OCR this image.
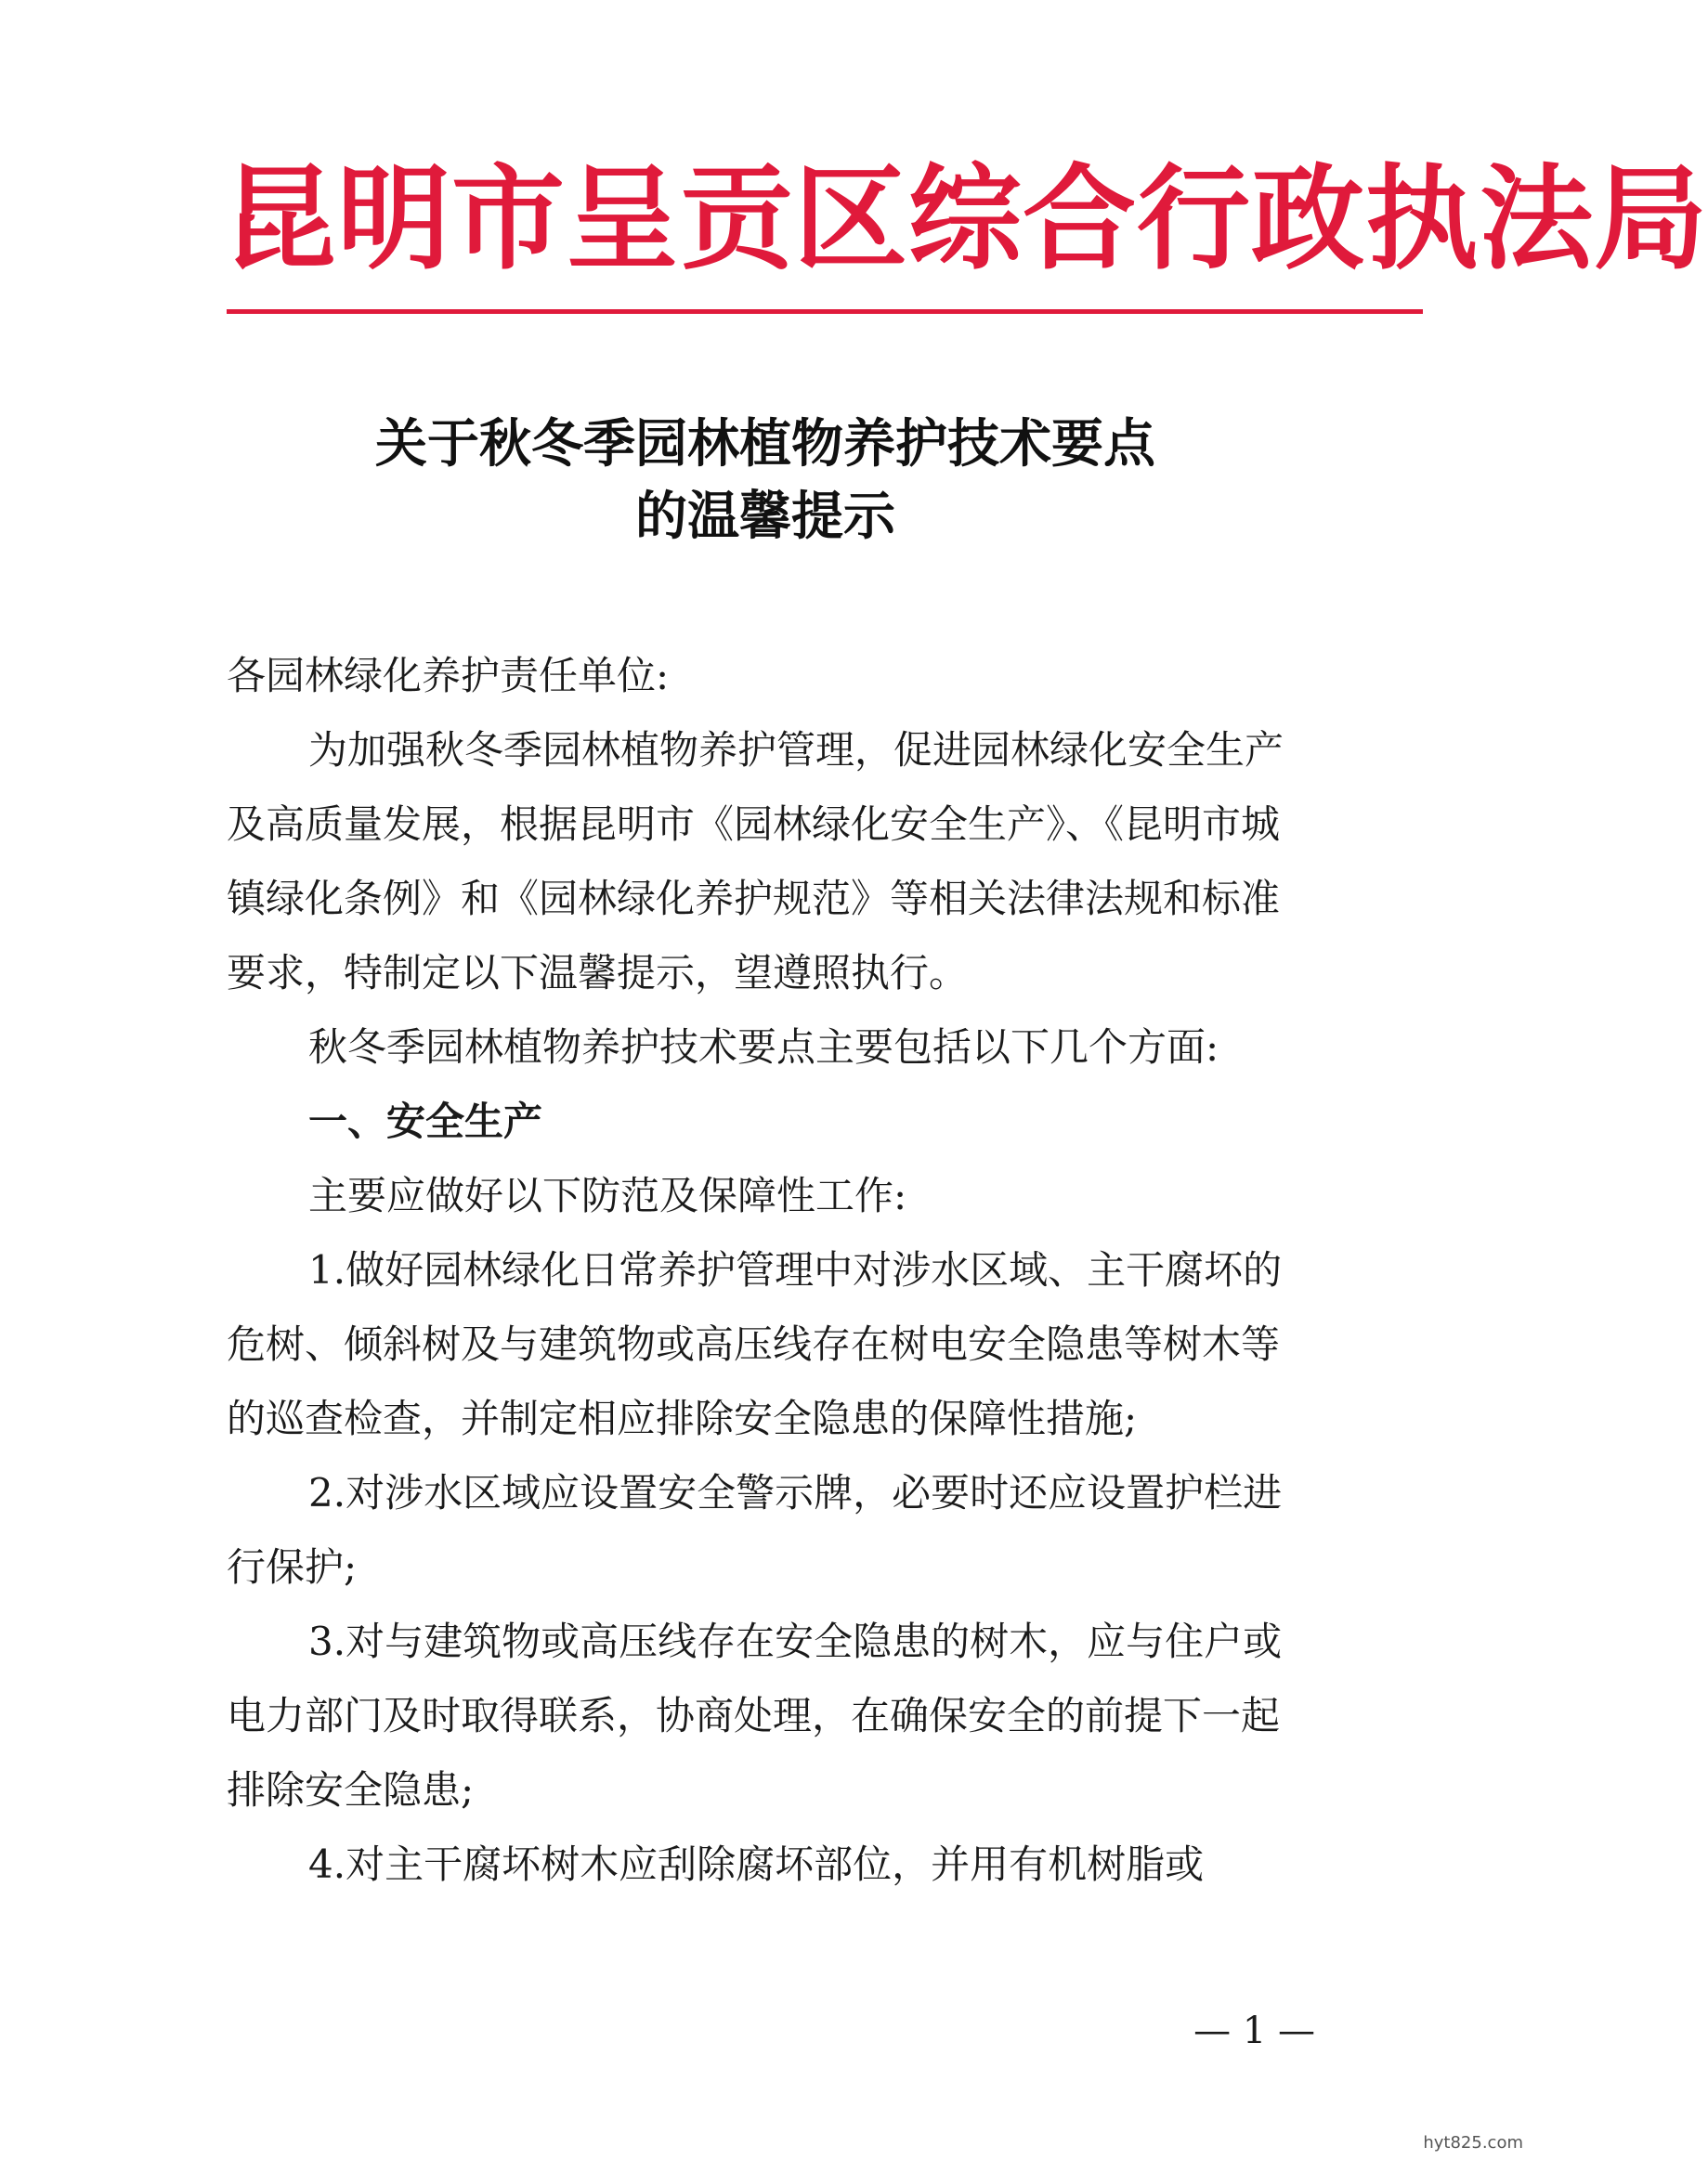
昆明市呈贡区综合行政执法局
关于秋冬季园林植物养护技术要点
的温馨提示

各园林绿化养护责任单位:

为加强秋冬季园林植物养护管理，促进园林绿化安全生产及高质量发展，根据昆明市《园林绿化安全生产》、《昆明市城镇绿化条例》和《园林绿化养护规范》等相关法律法规和标准要求，特制定以下温馨提示，望遵照执行。

秋冬季园林植物养护技术要点主要包括以下几个方面:

一、安全生产

主要应做好以下防范及保障性工作:

1.做好园林绿化日常养护管理中对涉水区域、主干腐坏的危树、倾斜树及与建筑物或高压线存在树电安全隐患等树木等的巡查检查，并制定相应排除安全隐患的保障性措施;

2.对涉水区域应设置安全警示牌，必要时还应设置护栏进行保护;

3.对与建筑物或高压线存在安全隐患的树木，应与住户或电力部门及时取得联系，协商处理，在确保安全的前提下一起排除安全隐患;

4.对主干腐坏树木应刮除腐坏部位，并用有机树脂或

— 1 —
hyt825.com
